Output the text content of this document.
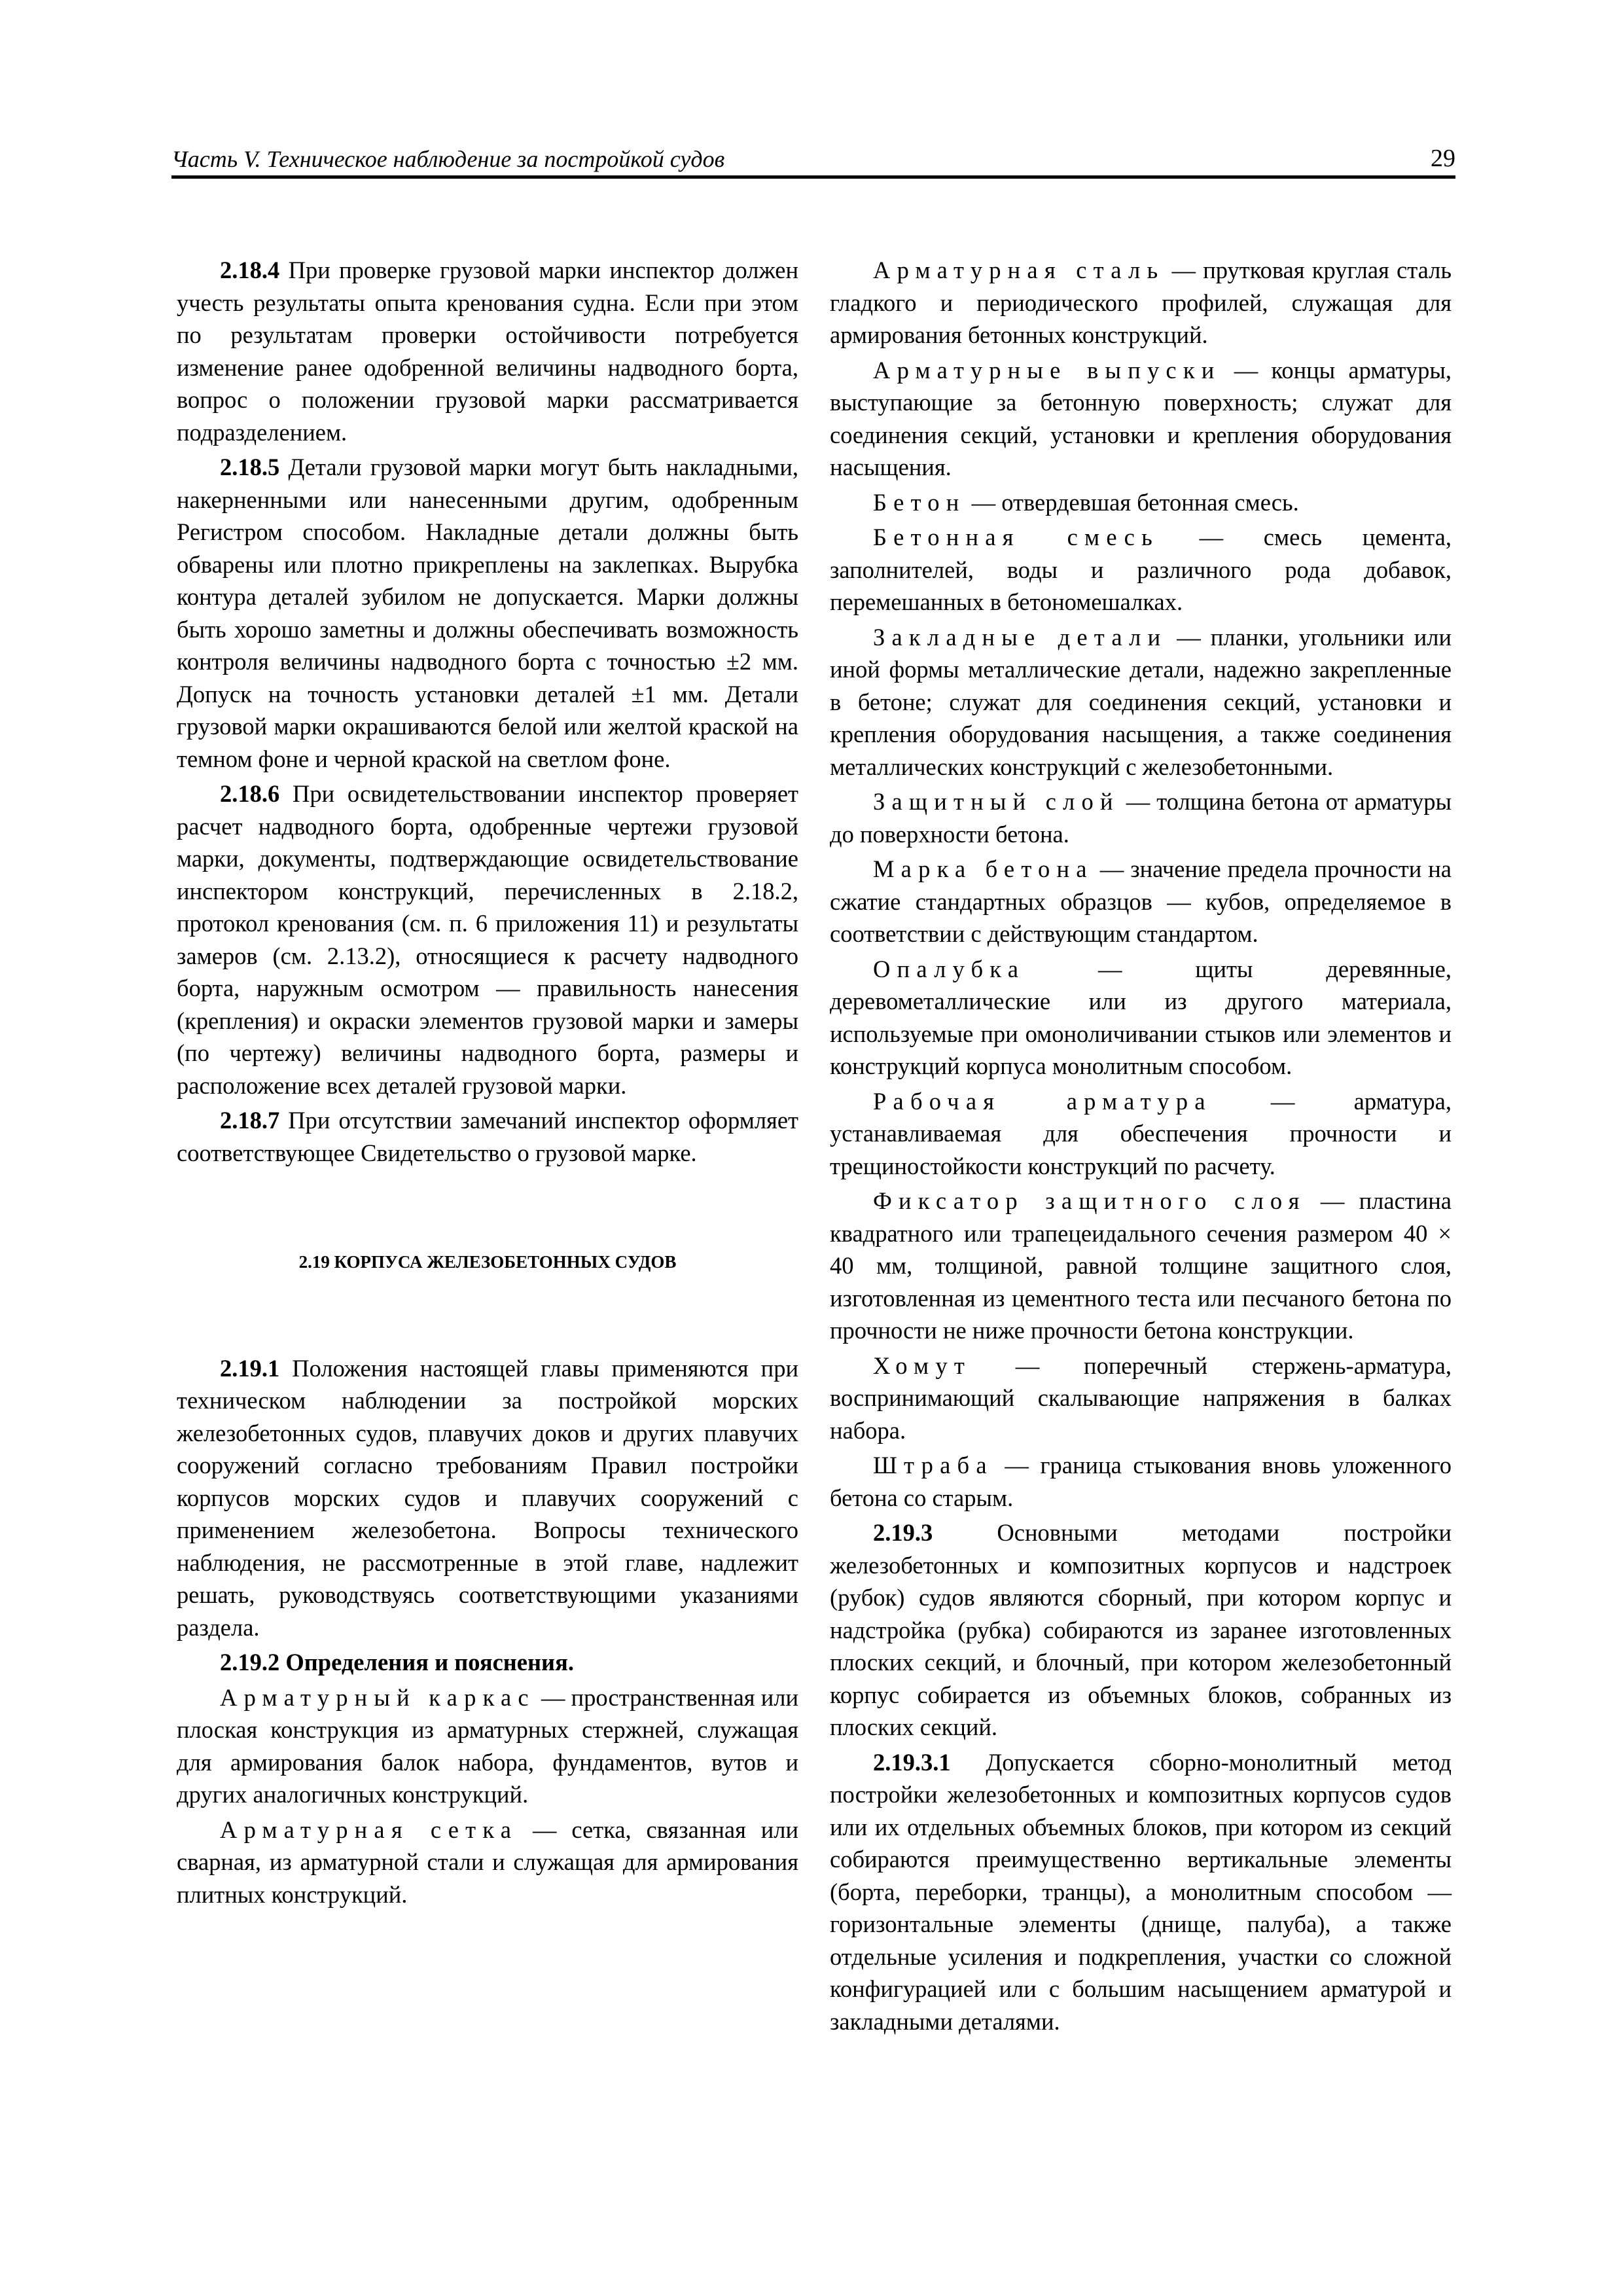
Часть V. Техническое наблюдение за постройкой судов	29

2.18.4 При проверке грузовой марки инспектор должен учесть результаты опыта кренования судна. Если при этом по результатам проверки остойчивости потребуется изменение ранее одобренной величины надводного борта, вопрос о положении грузовой марки рассматривается подразделением.

2.18.5 Детали грузовой марки могут быть накладными, накерненными или нанесенными другим, одобренным Регистром способом. Накладные детали должны быть обварены или плотно прикреплены на заклепках. Вырубка контура деталей зубилом не допускается. Марки должны быть хорошо заметны и должны обеспечивать возможность контроля величины надводного борта с точностью ±2 мм. Допуск на точность установки деталей ±1 мм. Детали грузовой марки окрашиваются белой или желтой краской на темном фоне и черной краской на светлом фоне.

2.18.6 При освидетельствовании инспектор проверяет расчет надводного борта, одобренные чертежи грузовой марки, документы, подтверждающие освидетельствование инспектором конструкций, перечисленных в 2.18.2, протокол кренования (см. п. 6 приложения 11) и результаты замеров (см. 2.13.2), относящиеся к расчету надводного борта, наружным осмотром — правильность нанесения (крепления) и окраски элементов грузовой марки и замеры (по чертежу) величины надводного борта, размеры и расположение всех деталей грузовой марки.

2.18.7 При отсутствии замечаний инспектор оформляет соответствующее Свидетельство о грузовой марке.

2.19 КОРПУСА ЖЕЛЕЗОБЕТОННЫХ СУДОВ

2.19.1 Положения настоящей главы применяются при техническом наблюдении за постройкой морских железобетонных судов, плавучих доков и других плавучих сооружений согласно требованиям Правил постройки корпусов морских судов и плавучих сооружений с применением железобетона. Вопросы технического наблюдения, не рассмотренные в этой главе, надлежит решать, руководствуясь соответствующими указаниями раздела.

2.19.2 Определения и пояснения.

Арматурный каркас — пространственная или плоская конструкция из арматурных стержней, служащая для армирования балок набора, фундаментов, вутов и других аналогичных конструкций.

Арматурная сетка — сетка, связанная или сварная, из арматурной стали и служащая для армирования плитных конструкций.

Арматурная сталь — прутковая круглая сталь гладкого и периодического профилей, служащая для армирования бетонных конструкций.

Арматурные выпуски — концы арматуры, выступающие за бетонную поверхность; служат для соединения секций, установки и крепления оборудования насыщения.

Бетон — отвердевшая бетонная смесь.

Бетонная смесь — смесь цемента, заполнителей, воды и различного рода добавок, перемешанных в бетономешалках.

Закладные детали — планки, угольники или иной формы металлические детали, надежно закрепленные в бетоне; служат для соединения секций, установки и крепления оборудования насыщения, а также соединения металлических конструкций с железобетонными.

Защитный слой — толщина бетона от арматуры до поверхности бетона.

Марка бетона — значение предела прочности на сжатие стандартных образцов — кубов, определяемое в соответствии с действующим стандартом.

Опалубка — щиты деревянные, деревометаллические или из другого материала, используемые при омоноличивании стыков или элементов и конструкций корпуса монолитным способом.

Рабочая арматура — арматура, устанавливаемая для обеспечения прочности и трещиностойкости конструкций по расчету.

Фиксатор защитного слоя — пластина квадратного или трапецеидального сечения размером 40 × 40 мм, толщиной, равной толщине защитного слоя, изготовленная из цементного теста или песчаного бетона по прочности не ниже прочности бетона конструкции.

Хомут — поперечный стержень-арматура, воспринимающий скалывающие напряжения в балках набора.

Штраба — граница стыкования вновь уложенного бетона со старым.

2.19.3 Основными методами постройки железобетонных и композитных корпусов и надстроек (рубок) судов являются сборный, при котором корпус и надстройка (рубка) собираются из заранее изготовленных плоских секций, и блочный, при котором железобетонный корпус собирается из объемных блоков, собранных из плоских секций.

2.19.3.1 Допускается сборно-монолитный метод постройки железобетонных и композитных корпусов судов или их отдельных объемных блоков, при котором из секций собираются преимущественно вертикальные элементы (борта, переборки, транцы), а монолитным способом — горизонтальные элементы (днище, палуба), а также отдельные усиления и подкрепления, участки со сложной конфигурацией или с большим насыщением арматурой и закладными деталями.
